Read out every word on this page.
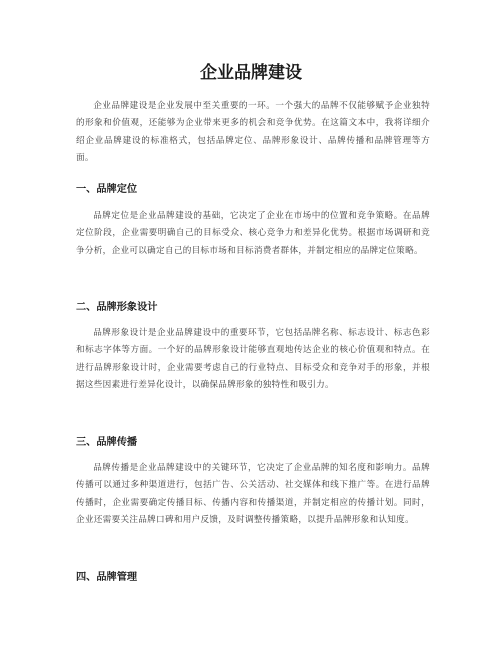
企业品牌建设

企业品牌建设是企业发展中至关重要的一环。一个强大的品牌不仅能够赋予企业独特的形象和价值观，还能够为企业带来更多的机会和竞争优势。在这篇文本中，我将详细介绍企业品牌建设的标准格式，包括品牌定位、品牌形象设计、品牌传播和品牌管理等方面。

一、品牌定位

品牌定位是企业品牌建设的基础，它决定了企业在市场中的位置和竞争策略。在品牌定位阶段，企业需要明确自己的目标受众、核心竞争力和差异化优势。根据市场调研和竞争分析，企业可以确定自己的目标市场和目标消费者群体，并制定相应的品牌定位策略。

二、品牌形象设计

品牌形象设计是企业品牌建设中的重要环节，它包括品牌名称、标志设计、标志色彩和标志字体等方面。一个好的品牌形象设计能够直观地传达企业的核心价值观和特点。在进行品牌形象设计时，企业需要考虑自己的行业特点、目标受众和竞争对手的形象，并根据这些因素进行差异化设计，以确保品牌形象的独特性和吸引力。

三、品牌传播

品牌传播是企业品牌建设中的关键环节，它决定了企业品牌的知名度和影响力。品牌传播可以通过多种渠道进行，包括广告、公关活动、社交媒体和线下推广等。在进行品牌传播时，企业需要确定传播目标、传播内容和传播渠道，并制定相应的传播计划。同时，企业还需要关注品牌口碑和用户反馈，及时调整传播策略，以提升品牌形象和认知度。

四、品牌管理
